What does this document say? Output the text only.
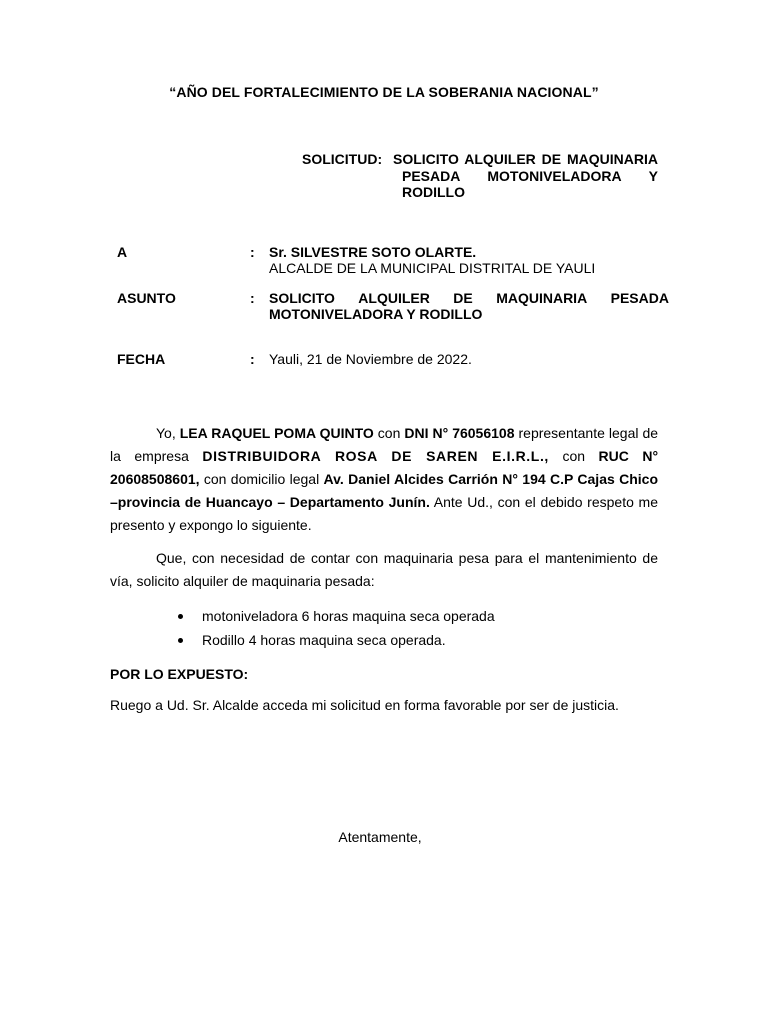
“AÑO DEL FORTALECIMIENTO DE LA SOBERANIA NACIONAL”
SOLICITUD: SOLICITO ALQUILER DE MAQUINARIA
PESADA MOTONIVELADORA Y
RODILLO
A	: Sr. SILVESTRE SOTO OLARTE.
ALCALDE DE LA MUNICIPAL DISTRITAL DE YAULI
ASUNTO	: SOLICITO ALQUILER DE MAQUINARIA PESADA
MOTONIVELADORA Y RODILLO
FECHA	: Yauli, 21 de Noviembre de 2022.
Yo, LEA RAQUEL POMA QUINTO con DNI N° 76056108 representante legal de la empresa DISTRIBUIDORA ROSA DE SAREN E.I.R.L., con RUC N° 20608508601, con domicilio legal Av. Daniel Alcides Carrión N° 194 C.P Cajas Chico –provincia de Huancayo – Departamento Junín. Ante Ud., con el debido respeto me presento y expongo lo siguiente.
Que, con necesidad de contar con maquinaria pesa para el mantenimiento de vía, solicito alquiler de maquinaria pesada:
motoniveladora 6 horas maquina seca operada
Rodillo 4 horas maquina seca operada.
POR LO EXPUESTO:
Ruego a Ud. Sr. Alcalde acceda mi solicitud en forma favorable por ser de justicia.
Atentamente,
